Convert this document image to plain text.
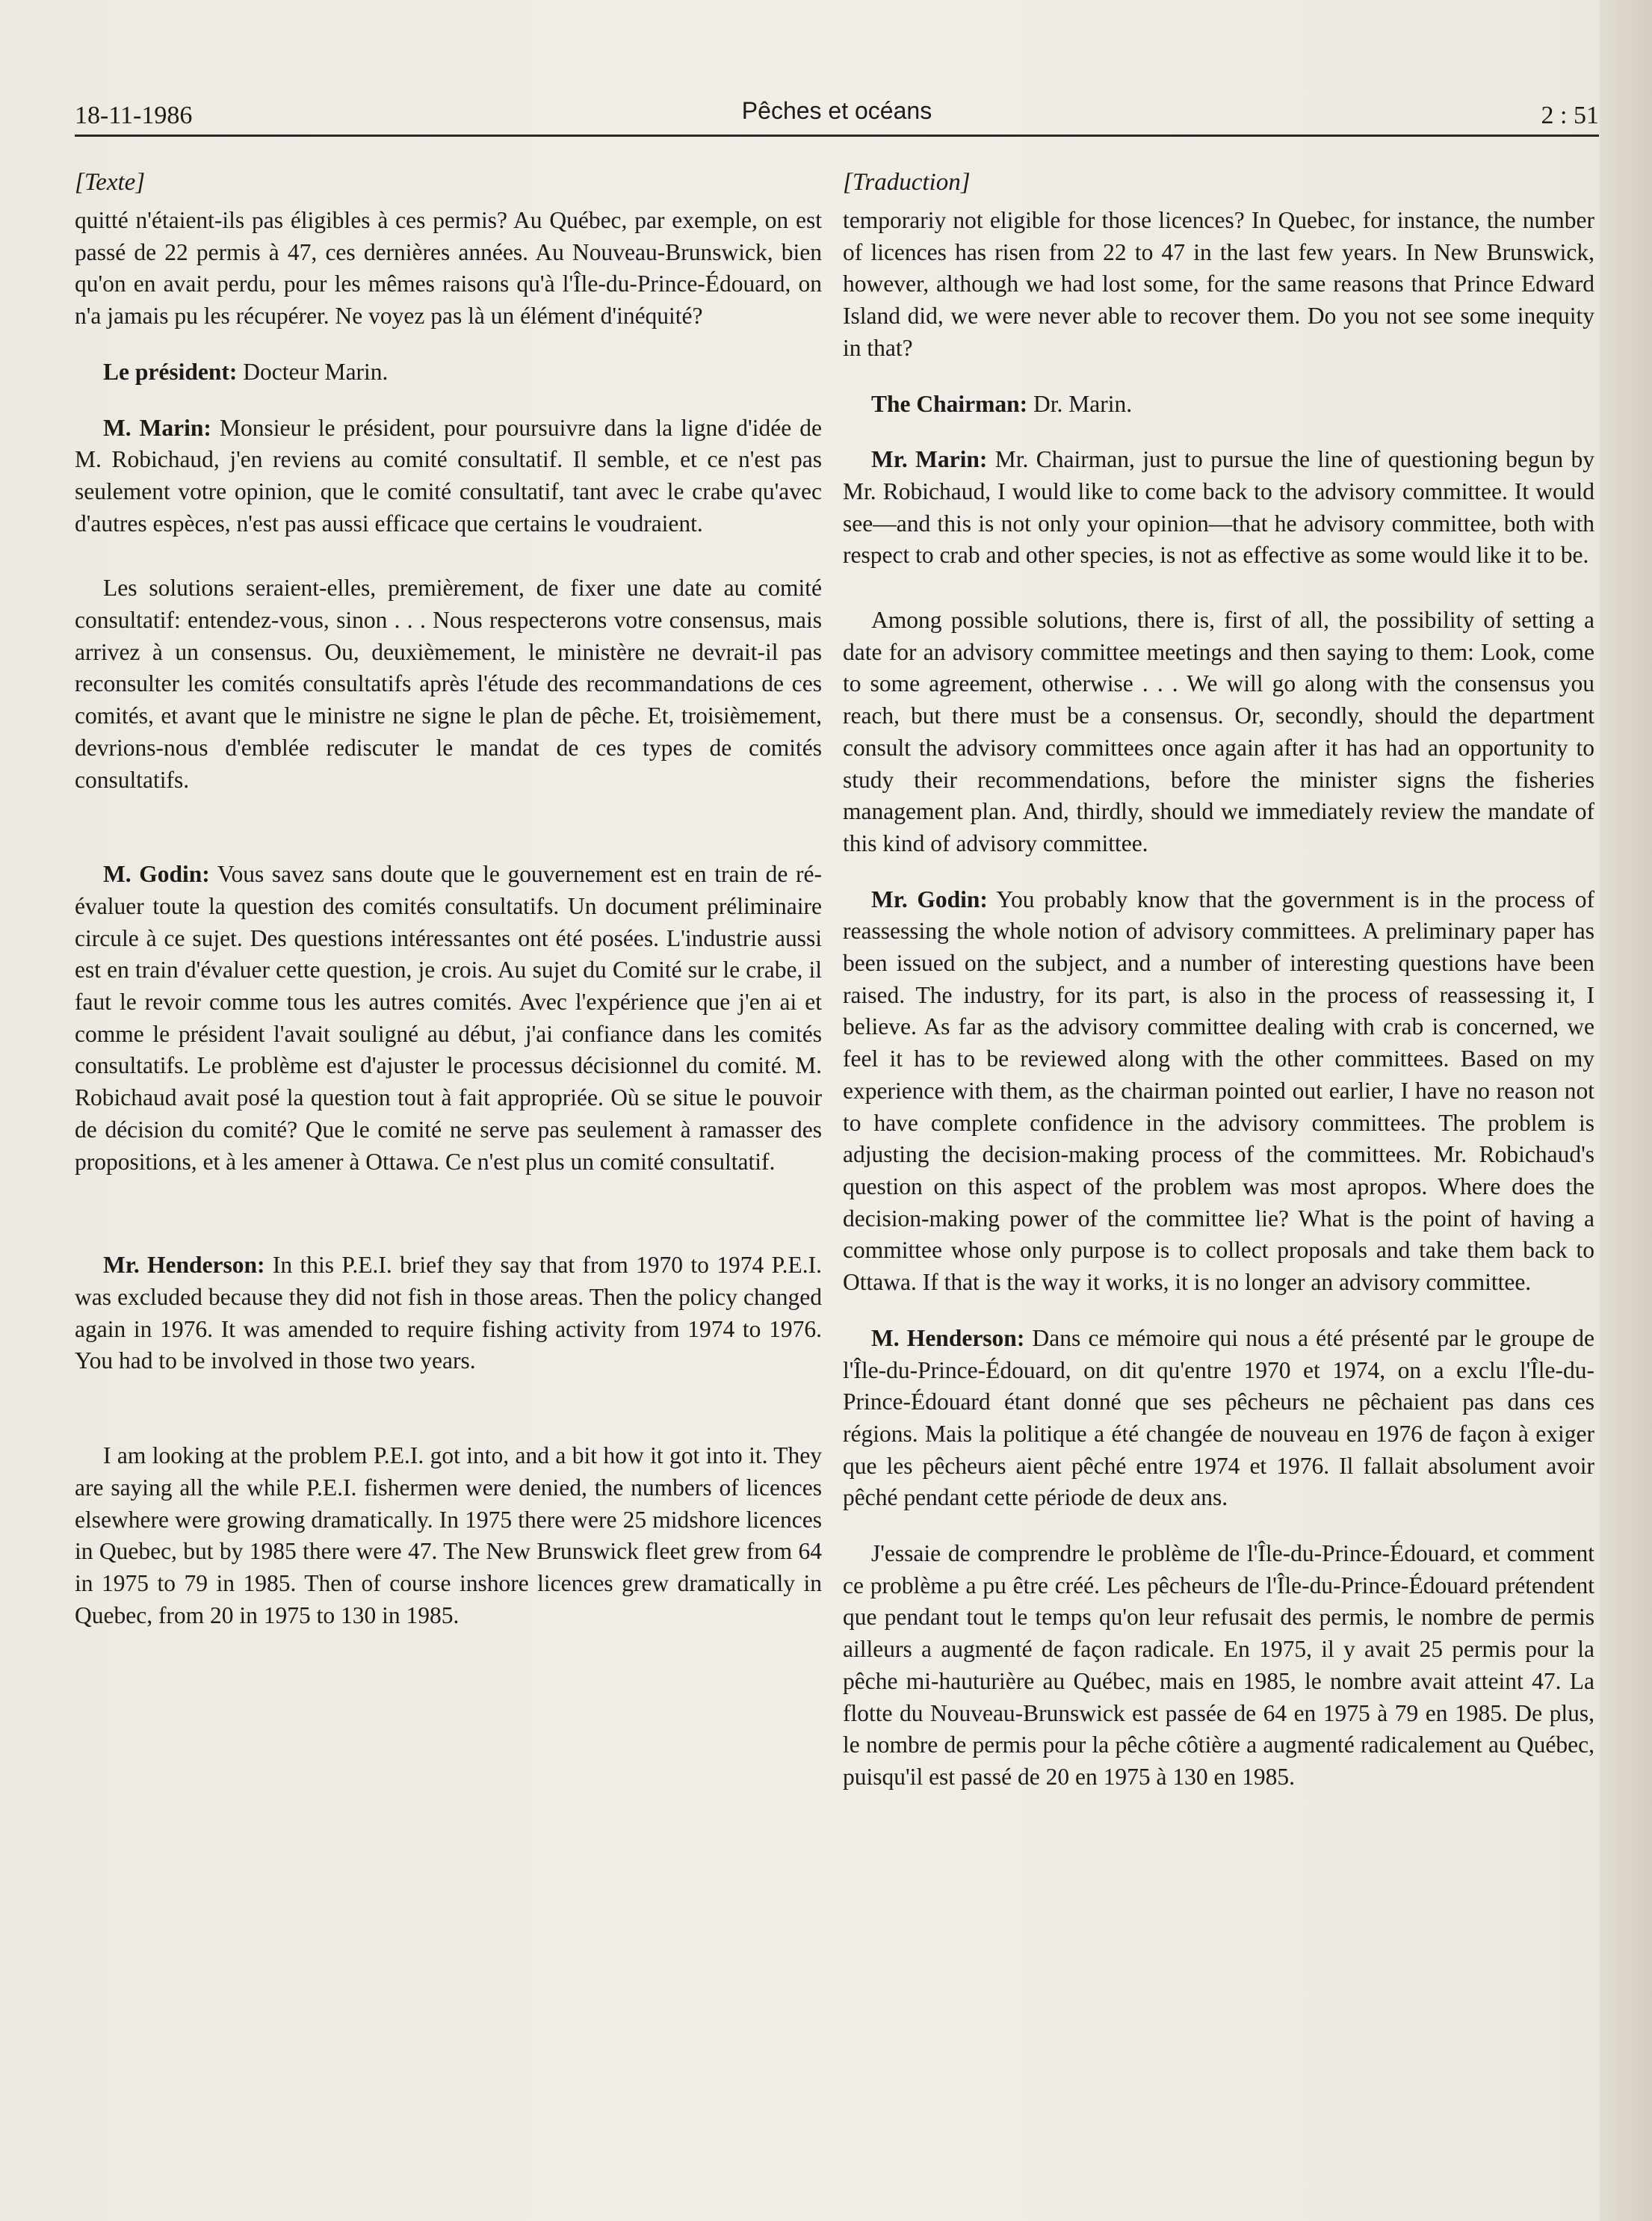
18-11-1986	Pêches et océans	2 : 51

[Texte]

quitté n'étaient-ils pas éligibles à ces permis? Au Québec, par exemple, on est passé de 22 permis à 47, ces dernières années. Au Nouveau-Brunswick, bien qu'on en avait perdu, pour les mêmes raisons qu'à l'Île-du-Prince-Édouard, on n'a jamais pu les récupérer. Ne voyez pas là un élément d'inéquité?

Le président: Docteur Marin.

M. Marin: Monsieur le président, pour poursuivre dans la ligne d'idée de M. Robichaud, j'en reviens au comité consultatif. Il semble, et ce n'est pas seulement votre opinion, que le comité consultatif, tant avec le crabe qu'avec d'autres espèces, n'est pas aussi efficace que certains le voudraient.

Les solutions seraient-elles, premièrement, de fixer une date au comité consultatif: entendez-vous, sinon . . . Nous respecterons votre consensus, mais arrivez à un consensus. Ou, deuxièmement, le ministère ne devrait-il pas reconsulter les comités consultatifs après l'étude des recommandations de ces comités, et avant que le ministre ne signe le plan de pêche. Et, troisièmement, devrions-nous d'emblée rediscuter le mandat de ces types de comités consultatifs.

M. Godin: Vous savez sans doute que le gouvernement est en train de ré-évaluer toute la question des comités consultatifs. Un document préliminaire circule à ce sujet. Des questions intéressantes ont été posées. L'industrie aussi est en train d'évaluer cette question, je crois. Au sujet du Comité sur le crabe, il faut le revoir comme tous les autres comités. Avec l'expérience que j'en ai et comme le président l'avait souligné au début, j'ai confiance dans les comités consultatifs. Le problème est d'ajuster le processus décisionnel du comité. M. Robichaud avait posé la question tout à fait appropriée. Où se situe le pouvoir de décision du comité? Que le comité ne serve pas seulement à ramasser des propositions, et à les amener à Ottawa. Ce n'est plus un comité consultatif.

Mr. Henderson: In this P.E.I. brief they say that from 1970 to 1974 P.E.I. was excluded because they did not fish in those areas. Then the policy changed again in 1976. It was amended to require fishing activity from 1974 to 1976. You had to be involved in those two years.

I am looking at the problem P.E.I. got into, and a bit how it got into it. They are saying all the while P.E.I. fishermen were denied, the numbers of licences elsewhere were growing dramatically. In 1975 there were 25 midshore licences in Quebec, but by 1985 there were 47. The New Brunswick fleet grew from 64 in 1975 to 79 in 1985. Then of course inshore licences grew dramatically in Quebec, from 20 in 1975 to 130 in 1985.

[Traduction]

temporariy not eligible for those licences? In Quebec, for instance, the number of licences has risen from 22 to 47 in the last few years. In New Brunswick, however, although we had lost some, for the same reasons that Prince Edward Island did, we were never able to recover them. Do you not see some inequity in that?

The Chairman: Dr. Marin.

Mr. Marin: Mr. Chairman, just to pursue the line of questioning begun by Mr. Robichaud, I would like to come back to the advisory committee. It would see—and this is not only your opinion—that he advisory committee, both with respect to crab and other species, is not as effective as some would like it to be.

Among possible solutions, there is, first of all, the possibility of setting a date for an advisory committee meetings and then saying to them: Look, come to some agreement, otherwise . . . We will go along with the consensus you reach, but there must be a consensus. Or, secondly, should the department consult the advisory committees once again after it has had an opportunity to study their recommendations, before the minister signs the fisheries management plan. And, thirdly, should we immediately review the mandate of this kind of advisory committee.

Mr. Godin: You probably know that the government is in the process of reassessing the whole notion of advisory committees. A preliminary paper has been issued on the subject, and a number of interesting questions have been raised. The industry, for its part, is also in the process of reassessing it, I believe. As far as the advisory committee dealing with crab is concerned, we feel it has to be reviewed along with the other committees. Based on my experience with them, as the chairman pointed out earlier, I have no reason not to have complete confidence in the advisory committees. The problem is adjusting the decision-making process of the committees. Mr. Robichaud's question on this aspect of the problem was most apropos. Where does the decision-making power of the committee lie? What is the point of having a committee whose only purpose is to collect proposals and take them back to Ottawa. If that is the way it works, it is no longer an advisory committee.

M. Henderson: Dans ce mémoire qui nous a été présenté par le groupe de l'Île-du-Prince-Édouard, on dit qu'entre 1970 et 1974, on a exclu l'Île-du-Prince-Édouard étant donné que ses pêcheurs ne pêchaient pas dans ces régions. Mais la politique a été changée de nouveau en 1976 de façon à exiger que les pêcheurs aient pêché entre 1974 et 1976. Il fallait absolument avoir pêché pendant cette période de deux ans.

J'essaie de comprendre le problème de l'Île-du-Prince-Édouard, et comment ce problème a pu être créé. Les pêcheurs de l'Île-du-Prince-Édouard prétendent que pendant tout le temps qu'on leur refusait des permis, le nombre de permis ailleurs a augmenté de façon radicale. En 1975, il y avait 25 permis pour la pêche mi-hauturière au Québec, mais en 1985, le nombre avait atteint 47. La flotte du Nouveau-Brunswick est passée de 64 en 1975 à 79 en 1985. De plus, le nombre de permis pour la pêche côtière a augmenté radicalement au Québec, puisqu'il est passé de 20 en 1975 à 130 en 1985.
